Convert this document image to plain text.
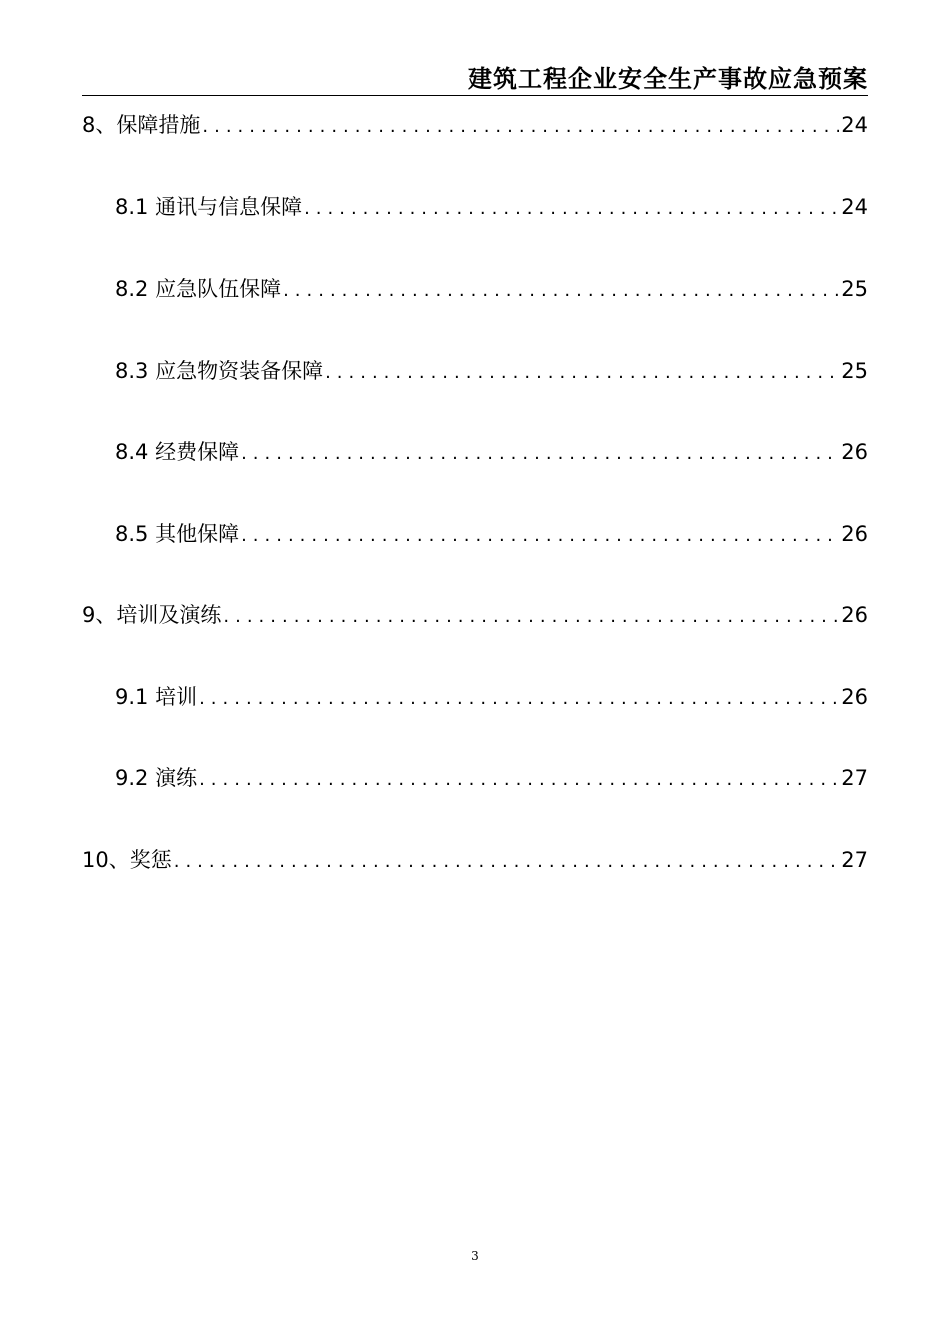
建筑工程企业安全生产事故应急预案
8、保障措施 .....	24
8.1 通讯与信息保障 .....	24
8.2 应急队伍保障 .....	25
8.3 应急物资装备保障 .....	25
8.4 经费保障 .....	26
8.5 其他保障 .....	26
9、培训及演练 .....	26
9.1 培训 .....	26
9.2 演练 .....	27
10、奖惩 .....	27
3
